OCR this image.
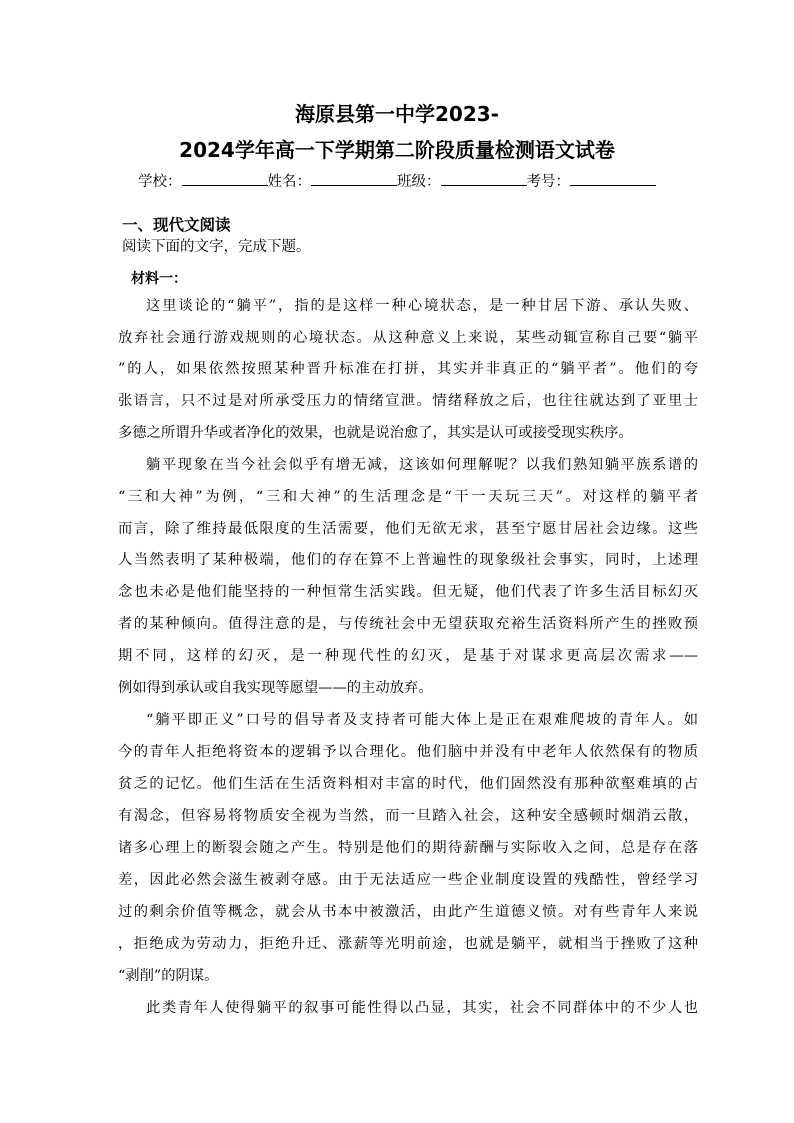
海原县第一中学2023-
2024学年高一下学期第二阶段质量检测语文试卷
学校：	姓名：	班级：	考号：
一、现代文阅读
阅读下面的文字，完成下题。
材料一：
这里谈论的“躺平”，指的是这样一种心境状态，是一种甘居下游、承认失败、
放弃社会通行游戏规则的心境状态。从这种意义上来说，某些动辄宣称自己要“躺平
”的人，如果依然按照某种晋升标准在打拼，其实并非真正的“躺平者”。他们的夸
张语言，只不过是对所承受压力的情绪宣泄。情绪释放之后，也往往就达到了亚里士
多德之所谓升华或者净化的效果，也就是说治愈了，其实是认可或接受现实秩序。
躺平现象在当今社会似乎有增无减，这该如何理解呢？以我们熟知躺平族系谱的
“三和大神”为例，“三和大神”的生活理念是“干一天玩三天”。对这样的躺平者
而言，除了维持最低限度的生活需要，他们无欲无求，甚至宁愿甘居社会边缘。这些
人当然表明了某种极端，他们的存在算不上普遍性的现象级社会事实，同时，上述理
念也未必是他们能坚持的一种恒常生活实践。但无疑，他们代表了许多生活目标幻灭
者的某种倾向。值得注意的是，与传统社会中无望获取充裕生活资料所产生的挫败预
期不同，这样的幻灭，是一种现代性的幻灭，是基于对谋求更高层次需求——
例如得到承认或自我实现等愿望——的主动放弃。
“躺平即正义”口号的倡导者及支持者可能大体上是正在艰难爬坡的青年人。如
今的青年人拒绝将资本的逻辑予以合理化。他们脑中并没有中老年人依然保有的物质
贫乏的记忆。他们生活在生活资料相对丰富的时代，他们固然没有那种欲壑难填的占
有渴念，但容易将物质安全视为当然，而一旦踏入社会，这种安全感顿时烟消云散，
诸多心理上的断裂会随之产生。特别是他们的期待薪酬与实际收入之间，总是存在落
差，因此必然会滋生被剥夺感。由于无法适应一些企业制度设置的残酷性，曾经学习
过的剩余价值等概念，就会从书本中被激活，由此产生道德义愤。对有些青年人来说
，拒绝成为劳动力，拒绝升迁、涨薪等光明前途，也就是躺平，就相当于挫败了这种
“剥削”的阴谋。
此类青年人使得躺平的叙事可能性得以凸显，其实，社会不同群体中的不少人也
